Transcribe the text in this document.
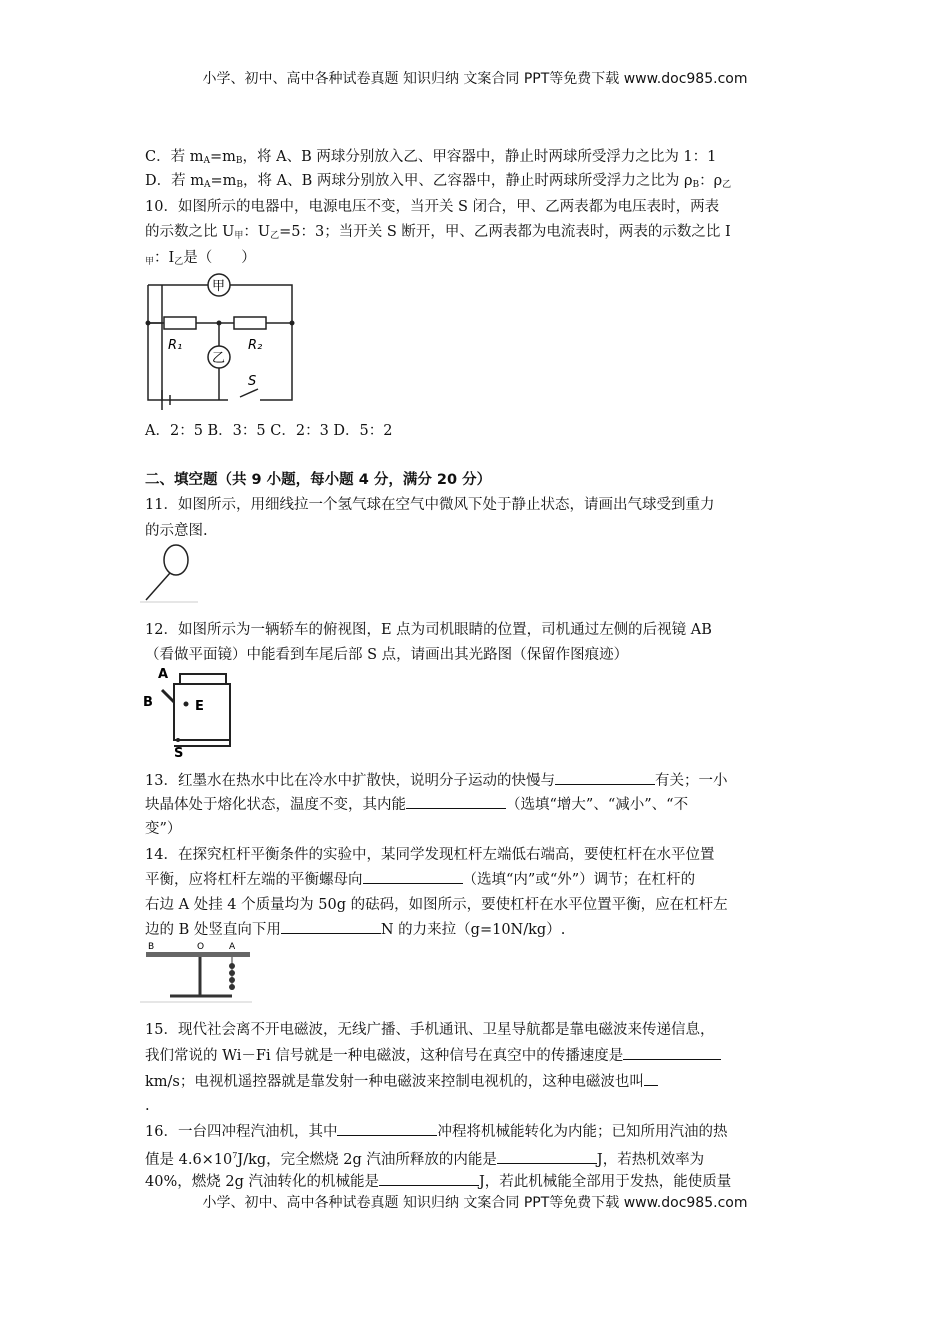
小学、初中、高中各种试卷真题 知识归纳 文案合同 PPT等免费下载 www.doc985.com
C．若 $m_A=m_B$，将 A、B 两球分别放入乙、甲容器中，静止时两球所受浮力之比为 1：1
D．若 $m_A=m_B$，将 A、B 两球分别放入甲、乙容器中，静止时两球所受浮力之比为 $\rho_B$：$\rho_乙$
10．如图所示的电器中，电源电压不变，当开关 S 闭合，甲、乙两表都为电压表时，两表
的示数之比 $U_甲$：$U_乙=5$：3；当开关 S 断开，甲、乙两表都为电流表时，两表的示数之比 I
$_甲$：$I_乙$是（　　）
甲
乙
R₁	R₂
S
A．2：5 B．3：5 C．2：3 D．5：2
二、填空题（共 9 小题，每小题 4 分，满分 20 分）
11．如图所示，用细线拉一个氢气球在空气中微风下处于静止状态，请画出气球受到重力
的示意图.
12．如图所示为一辆轿车的俯视图，E 点为司机眼睛的位置，司机通过左侧的后视镜 AB
（看做平面镜）中能看到车尾后部 S 点，请画出其光路图（保留作图痕迹）
A
B	E
S
13．红墨水在热水中比在冷水中扩散快，说明分子运动的快慢与	有关；一小
块晶体处于熔化状态，温度不变，其内能	（选填“增大”、“减小”、“不
变”）
14．在探究杠杆平衡条件的实验中，某同学发现杠杆左端低右端高，要使杠杆在水平位置
平衡，应将杠杆左端的平衡螺母向	（选填“内”或“外”）调节；在杠杆的
右边 A 处挂 4 个质量均为 50g 的砝码，如图所示，要使杠杆在水平位置平衡，应在杠杆左
边的 B 处竖直向下用	N 的力来拉（g=10N/kg）.
B	O	A
15．现代社会离不开电磁波，无线广播、手机通讯、卫星导航都是靠电磁波来传递信息，
我们常说的 Wi－Fi 信号就是一种电磁波，这种信号在真空中的传播速度是
km/s；电视机遥控器就是靠发射一种电磁波来控制电视机的，这种电磁波也叫
.
16．一台四冲程汽油机，其中	冲程将机械能转化为内能；已知所用汽油的热
值是 $4.6\times 10^7J/kg$，完全燃烧 2g 汽油所释放的内能是	J，若热机效率为
40%，燃烧 2g 汽油转化的机械能是	J，若此机械能全部用于发热，能使质量
小学、初中、高中各种试卷真题 知识归纳 文案合同 PPT等免费下载 www.doc985.com
